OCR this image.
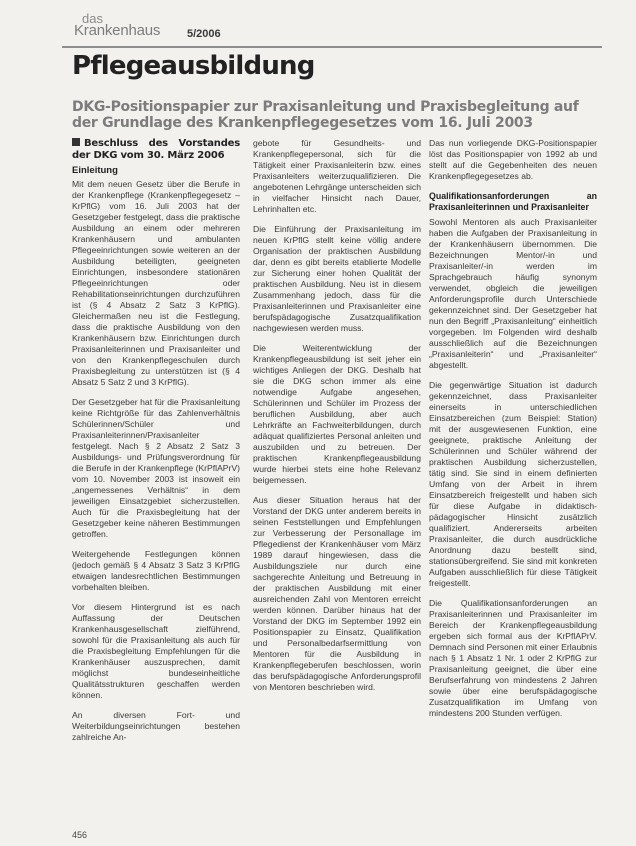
das
Krankenhaus 5/2006
Pflegeausbildung
DKG-Positionspapier zur Praxisanleitung und Praxisbegleitung auf der Grundlage des Krankenpflegegesetzes vom 16. Juli 2003
Beschluss des Vorstandes der DKG vom 30. März 2006
Einleitung

Mit dem neuen Gesetz über die Berufe in der Krankenpflege (Krankenpflegegesetz – KrPflG) vom 16. Juli 2003 hat der Gesetzgeber festgelegt, dass die praktische Ausbildung an einem oder mehreren Krankenhäusern und ambulanten Pflegeeinrichtungen sowie weiteren an der Ausbildung beteiligten, geeigneten Einrichtungen, insbesondere stationären Pflegeeinrichtungen oder Rehabilitationseinrichtungen durchzuführen ist (§ 4 Absatz 2 Satz 3 KrPflG). Gleichermaßen neu ist die Festlegung, dass die praktische Ausbildung von den Krankenhäusern bzw. Einrichtungen durch Praxisanleiterinnen und Praxisanleiter und von den Krankenpflegeschulen durch Praxisbegleitung zu unterstützen ist (§ 4 Absatz 5 Satz 2 und 3 KrPflG).

Der Gesetzgeber hat für die Praxisanleitung keine Richtgröße für das Zahlenverhältnis Schülerinnen/Schüler und Praxisanleiterinnen/Praxisanleiter festgelegt. Nach § 2 Absatz 2 Satz 3 Ausbildungs- und Prüfungsverordnung für die Berufe in der Krankenpflege (KrPflAPrV) vom 10. November 2003 ist insoweit ein „angemessenes Verhältnis“ in dem jeweiligen Einsatzgebiet sicherzustellen. Auch für die Praxisbegleitung hat der Gesetzgeber keine näheren Bestimmungen getroffen.

Weitergehende Festlegungen können (jedoch gemäß § 4 Absatz 3 Satz 3 KrPflG etwaigen landesrechtlichen Bestimmungen vorbehalten bleiben.

Vor diesem Hintergrund ist es nach Auffassung der Deutschen Krankenhausgesellschaft zielführend, sowohl für die Praxisanleitung als auch für die Praxisbegleitung Empfehlungen für die Krankenhäuser auszusprechen, damit möglichst bundeseinheitliche Qualitätsstrukturen geschaffen werden können.

An diversen Fort- und Weiterbildungseinrichtungen bestehen zahlreiche An-

gebote für Gesundheits- und Krankenpflegepersonal, sich für die Tätigkeit einer Praxisanleiterin bzw. eines Praxisanleiters weiterzuqualifizieren. Die angebotenen Lehrgänge unterscheiden sich in vielfacher Hinsicht nach Dauer, Lehrinhalten etc.

Die Einführung der Praxisanleitung im neuen KrPflG stellt keine völlig andere Organisation der praktischen Ausbildung dar, denn es gibt bereits etablierte Modelle zur Sicherung einer hohen Qualität der praktischen Ausbildung. Neu ist in diesem Zusammenhang jedoch, dass für die Praxisanleiterinnen und Praxisanleiter eine berufspädagogische Zusatzqualifikation nachgewiesen werden muss.

Die Weiterentwicklung der Krankenpflegeausbildung ist seit jeher ein wichtiges Anliegen der DKG. Deshalb hat sie die DKG schon immer als eine notwendige Aufgabe angesehen, Schülerinnen und Schüler im Prozess der beruflichen Ausbildung, aber auch Lehrkräfte an Fachweiterbildungen, durch adäquat qualifiziertes Personal anleiten und auszubilden und zu betreuen. Der praktischen Krankenpflegeausbildung wurde hierbei stets eine hohe Relevanz beigemessen.

Aus dieser Situation heraus hat der Vorstand der DKG unter anderem bereits in seinen Feststellungen und Empfehlungen zur Verbesserung der Personallage im Pflegedienst der Krankenhäuser vom März 1989 darauf hingewiesen, dass die Ausbildungsziele nur durch eine sachgerechte Anleitung und Betreuung in der praktischen Ausbildung mit einer ausreichenden Zahl von Mentoren erreicht werden können. Darüber hinaus hat der Vorstand der DKG im September 1992 ein Positionspapier zu Einsatz, Qualifikation und Personalbedarfsermittlung von Mentoren für die Ausbildung in Krankenpflegeberufen beschlossen, worin das berufspädagogische Anforderungsprofil von Mentoren beschrieben wird.

Das nun vorliegende DKG-Positionspapier löst das Positionspapier von 1992 ab und stellt auf die Gegebenheiten des neuen Krankenpflegegesetzes ab.

Qualifikationsanforderungen an Praxisanleiterinnen und Praxisanleiter

Sowohl Mentoren als auch Praxisanleiter haben die Aufgaben der Praxisanleitung in der Krankenhäusern übernommen. Die Bezeichnungen Mentor/-in und Praxisanleiter/-in werden im Sprachgebrauch häufig synonym verwendet, obgleich die jeweiligen Anforderungsprofile durch Unterschiede gekennzeichnet sind. Der Gesetzgeber hat nun den Begriff „Praxisanleitung“ einheitlich vorgegeben. Im Folgenden wird deshalb ausschließlich auf die Bezeichnungen „Praxisanleiterin“ und „Praxisanleiter“ abgestellt.

Die gegenwärtige Situation ist dadurch gekennzeichnet, dass Praxisanleiter einerseits in unterschiedlichen Einsatzbereichen (zum Beispiel: Station) mit der ausgewiesenen Funktion, eine geeignete, praktische Anleitung der Schülerinnen und Schüler während der praktischen Ausbildung sicherzustellen, tätig sind. Sie sind in einem definierten Umfang von der Arbeit in ihrem Einsatzbereich freigestellt und haben sich für diese Aufgabe in didaktisch-pädagogischer Hinsicht zusätzlich qualifiziert. Andererseits arbeiten Praxisanleiter, die durch ausdrückliche Anordnung dazu bestellt sind, stationsübergreifend. Sie sind mit konkreten Aufgaben ausschließlich für diese Tätigkeit freigestellt.

Die Qualifikationsanforderungen an Praxisanleiterinnen und Praxisanleiter im Bereich der Krankenpflegeausbildung ergeben sich formal aus der KrPflAPrV. Demnach sind Personen mit einer Erlaubnis nach § 1 Absatz 1 Nr. 1 oder 2 KrPflG zur Praxisanleitung geeignet, die über eine Berufserfahrung von mindestens 2 Jahren sowie über eine berufspädagogische Zusatzqualifikation im Umfang von mindestens 200 Stunden verfügen.

456
